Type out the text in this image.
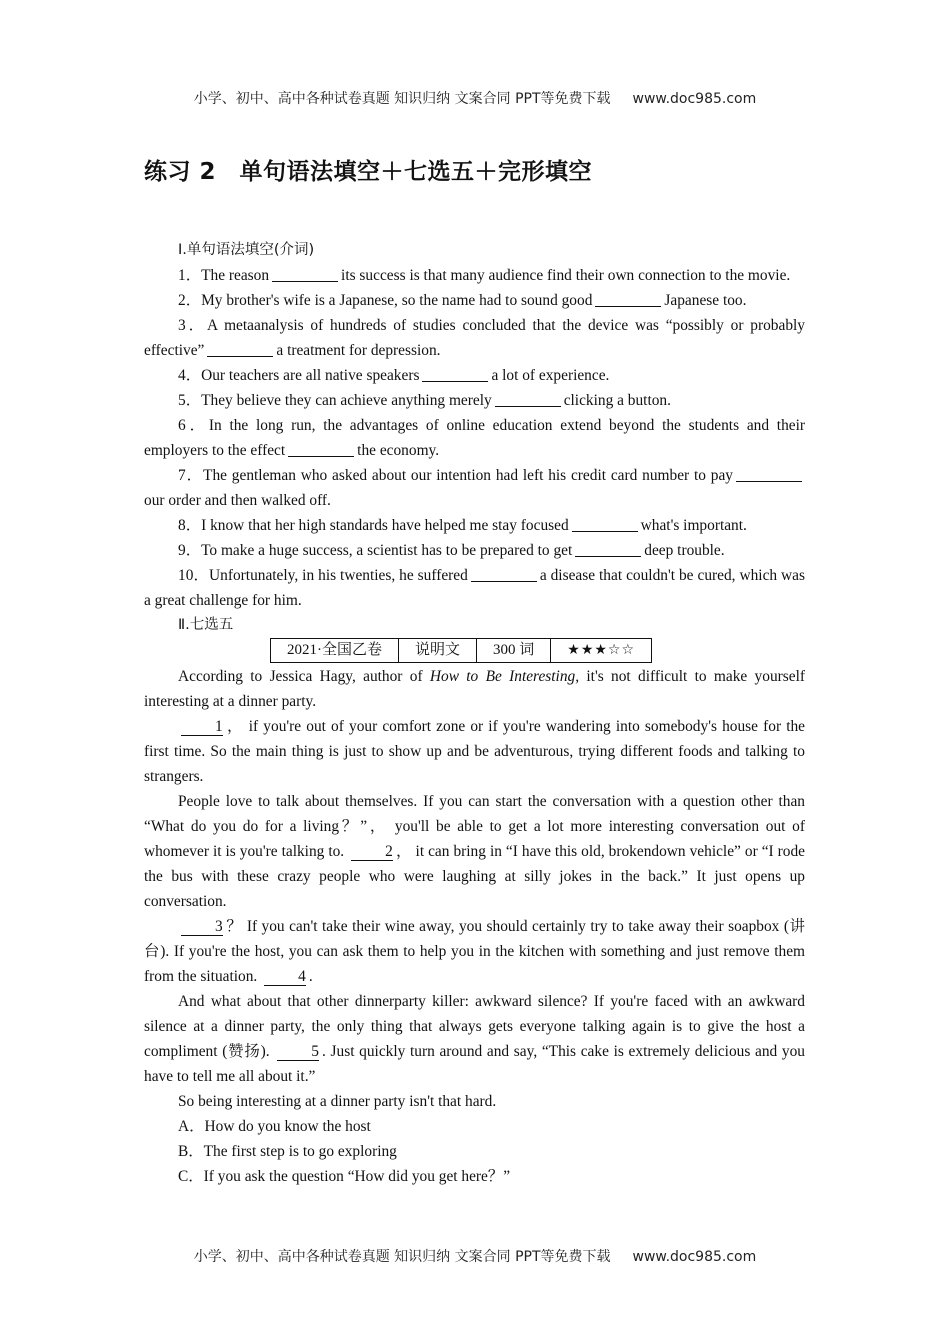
小学、初中、高中各种试卷真题 知识归纳 文案合同 PPT等免费下载 www.doc985.com
练习 2　单句语法填空＋七选五＋完形填空

Ⅰ.单句语法填空(介词)

1．The reason	its success is that many audience find their own connection to the movie.

2．My brother's wife is a Japanese, so the name had to sound good	Japanese too.

3．A metaanalysis of hundreds of studies concluded that the device was “possibly or probably effective”	a treatment for depression.

4．Our teachers are all native speakers	a lot of experience.

5．They believe they can achieve anything merely	clicking a button.

6．In the long run, the advantages of online education extend beyond the students and their employers to the effect	the economy.

7．The gentleman who asked about our intention had left his credit card number to payour order and then walked off.

8．I know that her high standards have helped me stay focused	what's important.

9．To make a huge success, a scientist has to be prepared to get	deep trouble.

10．Unfortunately, in his twenties, he suffered	a disease that couldn't be cured, which was a great challenge for him.

Ⅱ.七选五

2021·全国乙卷	说明文	300 词	★★★☆☆

According to Jessica Hagy, author of How to Be Interesting, it's not difficult to make yourself interesting at a dinner party.

1 ， if you're out of your comfort zone or if you're wandering into somebody's house for the first time. So the main thing is just to show up and be adventurous, trying different foods and talking to strangers.

People love to talk about themselves. If you can start the conversation with a question other than “What do you do for a living？”， you'll be able to get a lot more interesting conversation out of whomever it is you're talking to. 2 ， it can bring in “I have this old, brokendown vehicle” or “I rode the bus with these crazy people who were laughing at silly jokes in the back.” It just opens up conversation.

3 ？ If you can't take their wine away, you should certainly try to take away their soapbox (讲台). If you're the host, you can ask them to help you in the kitchen with something and just remove them from the situation. 4 .

And what about that other dinnerparty killer: awkward silence? If you're faced with an awkward silence at a dinner party, the only thing that always gets everyone talking again is to give the host a compliment (赞扬). 5 . Just quickly turn around and say, “This cake is extremely delicious and you have to tell me all about it.”

So being interesting at a dinner party isn't that hard.

A．How do you know the host

B．The first step is to go exploring

C．If you ask the question “How did you get here？”

小学、初中、高中各种试卷真题 知识归纳 文案合同 PPT等免费下载 www.doc985.com
